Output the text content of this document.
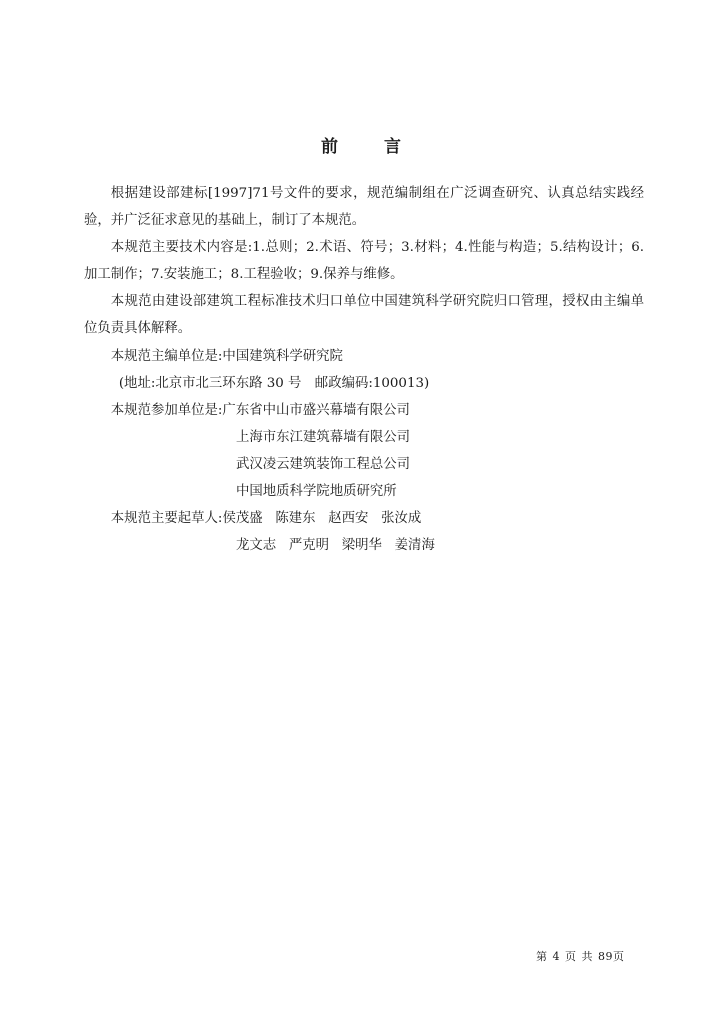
前	言

根据建设部建标[1997]71号文件的要求，规范编制组在广泛调查研究、认真总结实践经验，并广泛征求意见的基础上，制订了本规范。

本规范主要技术内容是:1.总则；2.术语、符号；3.材料；4.性能与构造；5.结构设计；6.加工制作；7.安装施工；8.工程验收；9.保养与维修。

本规范由建设部建筑工程标准技术归口单位中国建筑科学研究院归口管理，授权由主编单位负责具体解释。

本规范主编单位是:中国建筑科学研究院

(地址:北京市北三环东路 30 号　邮政编码:100013)

本规范参加单位是:广东省中山市盛兴幕墙有限公司

上海市东江建筑幕墙有限公司

武汉凌云建筑装饰工程总公司

中国地质科学院地质研究所

本规范主要起草人:侯茂盛 陈建东 赵西安 张汝成

龙文志 严克明 梁明华 姜清海

第 4 页 共 89页
